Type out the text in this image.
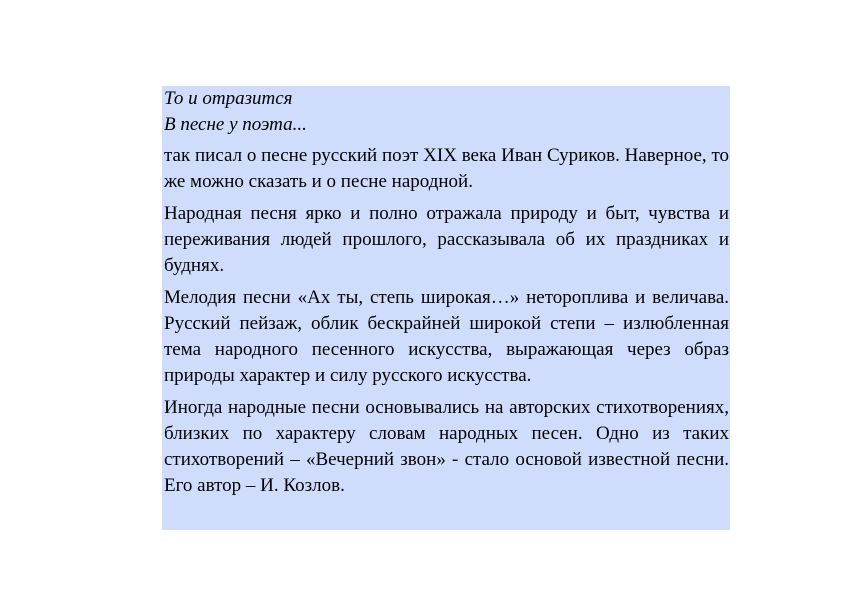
То и отразится
В песне у поэта...

так писал о песне русский поэт XIX века Иван Суриков. Наверное, то же можно сказать и о песне народной.

Народная песня ярко и полно отражала природу и быт, чувства и переживания людей прошлого, рассказывала об их праздниках и буднях.

Мелодия песни «Ах ты, степь широкая…» нетороплива и величава. Русский пейзаж, облик бескрайней широкой степи – излюбленная тема народного песенного искусства, выражающая через образ природы характер и силу русского искусства.

Иногда народные песни основывались на авторских стихотворениях, близких по характеру словам народных песен. Одно из таких стихотворений – «Вечерний звон» - стало основой известной песни. Его автор – И. Козлов.
